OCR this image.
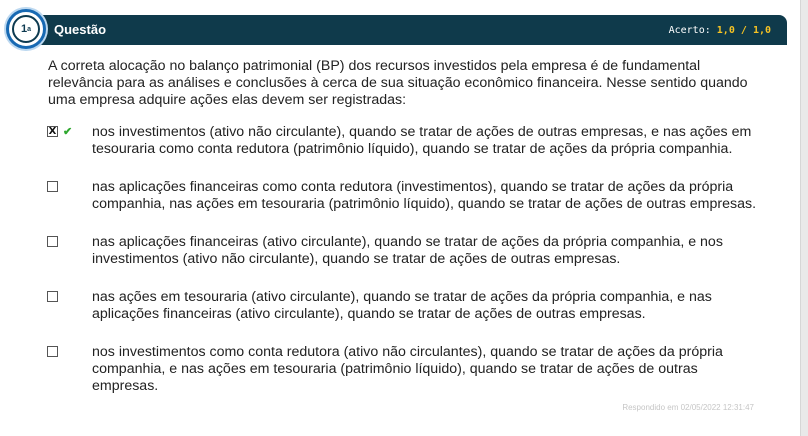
1 a Questão	Acerto: 1,0 / 1,0
A correta alocação no balanço patrimonial (BP) dos recursos investidos pela empresa é de fundamental relevância para as análises e conclusões à cerca de sua situação econômico financeira. Nesse sentido quando uma empresa adquire ações elas devem ser registradas:
X ✔ nos investimentos (ativo não circulante), quando se tratar de ações de outras empresas, e nas ações em tesouraria como conta redutora (patrimônio líquido), quando se tratar de ações da própria companhia.
nas aplicações financeiras como conta redutora (investimentos), quando se tratar de ações da própria companhia, nas ações em tesouraria (patrimônio líquido), quando se tratar de ações de outras empresas.
nas aplicações financeiras (ativo circulante), quando se tratar de ações da própria companhia, e nos investimentos (ativo não circulante), quando se tratar de ações de outras empresas.
nas ações em tesouraria (ativo circulante), quando se tratar de ações da própria companhia, e nas aplicações financeiras (ativo circulante), quando se tratar de ações de outras empresas.
nos investimentos como conta redutora (ativo não circulantes), quando se tratar de ações da própria companhia, e nas ações em tesouraria (patrimônio líquido), quando se tratar de ações de outras empresas.
Respondido em 02/05/2022 12:31:47
